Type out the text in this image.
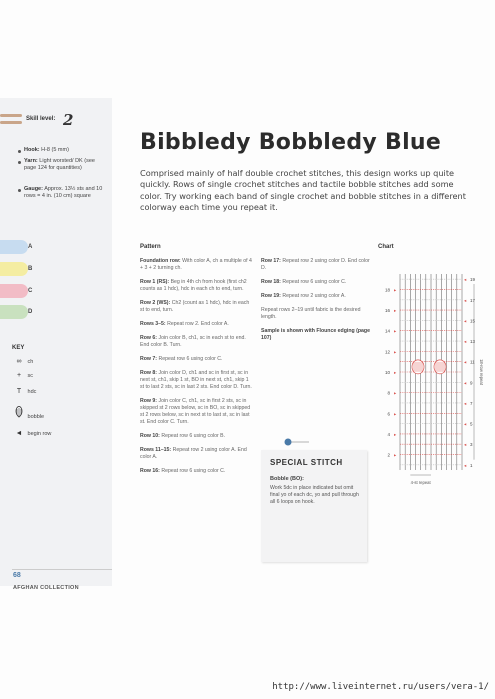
Skill level: 2
Hook: H-8 (5 mm)
Yarn: Light worsted/ DK (see page 124 for quantities)
Gauge: Approx. 13½ sts and 10 rows = 4 in. (10 cm) square
A
B
C
D
KEY
∞ ch
+ sc
T hdc
bobble
◄ begin row
68
AFGHAN COLLECTION
Bibbledy Bobbledy Blue
Comprised mainly of half double crochet stitches, this design works up quite quickly. Rows of single crochet stitches and tactile bobble stitches add some color. Try working each band of single crochet and bobble stitches in a different colorway each time you repeat it.
Pattern

Foundation row: With color A, ch a multiple of 4 + 3 + 2 turning ch.

Row 1 (RS): Beg in 4th ch from hook (first ch2 counts as 1 hdc), hdc in each ch to end, turn.

Row 2 (WS): Ch2 (count as 1 hdc), hdc in each st to end, turn.

Rows 3–5: Repeat row 2. End color A.

Row 6: Join color B, ch1, sc in each st to end. End color B. Turn.

Row 7: Repeat row 6 using color C.

Row 8: Join color D, ch1 and sc in first st, sc in next st, ch1, skip 1 st, BO in next st, ch1, skip 1 st to last 2 sts, sc in last 2 sts. End color D. Turn.

Row 9: Join color C, ch1, sc in first 2 sts, sc in skipped st 2 rows below, sc in BO, sc in skipped st 2 rows below, sc in next st to last st, sc in last st. End color C. Turn.

Row 10: Repeat row 6 using color B.

Rows 11–15: Repeat row 2 using color A. End color A.

Row 16: Repeat row 6 using color C.

Row 17: Repeat row 2 using color D. End color D.

Row 18: Repeat row 6 using color C.

Row 19: Repeat row 2 using color A.

Repeat rows 2–19 until fabric is the desired length.

Sample is shown with Flounce edging (page 107)

SPECIAL STITCH
Bobble (BO):
Work 5dc in place indicated but omit final yo of each dc, yo and pull through all 6 loops on hook.
Chart
18 ▸
16 ▸
14 ▸
12 ▸
10 ▸
8 ▸
6 ▸
4 ▸
2 ▸
◂ 19
◂ 17
◂ 15
◂ 13
◂ 11
◂ 9
◂ 7
◂ 5
◂ 3
◂ 1
18-row repeat
4-st repeat
http://www.liveinternet.ru/users/vera-1/
